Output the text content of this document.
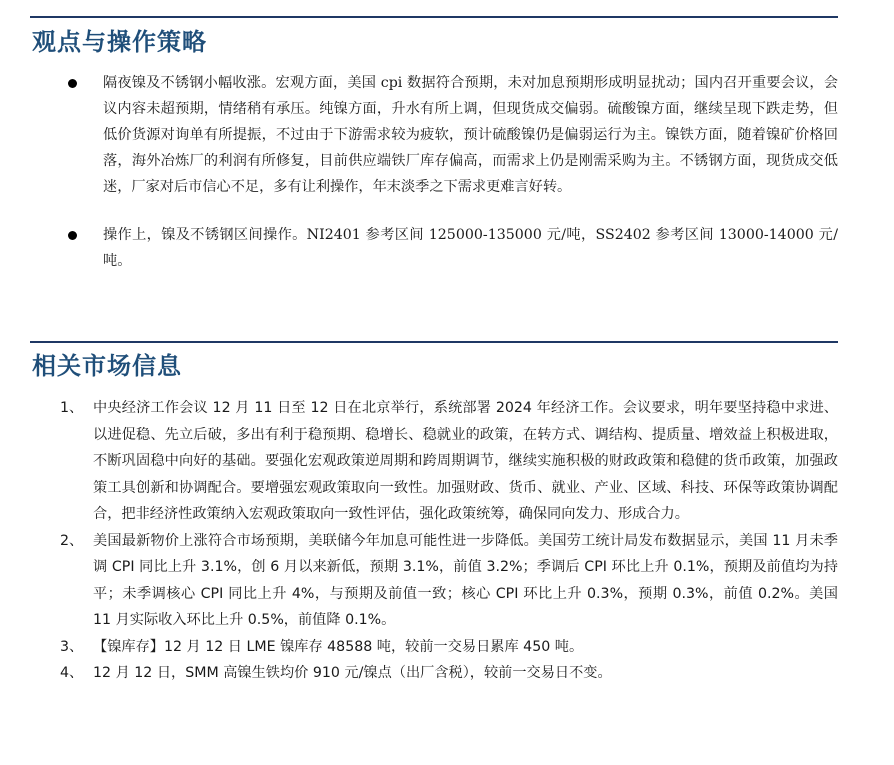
观点与操作策略

隔夜镍及不锈钢小幅收涨。宏观方面，美国 cpi 数据符合预期，未对加息预期形成明显扰动；国内召开重要会议，会议内容未超预期，情绪稍有承压。纯镍方面，升水有所上调，但现货成交偏弱。硫酸镍方面，继续呈现下跌走势，但低价货源对询单有所提振，不过由于下游需求较为疲软，预计硫酸镍仍是偏弱运行为主。镍铁方面，随着镍矿价格回落，海外冶炼厂的利润有所修复，目前供应端铁厂库存偏高，而需求上仍是刚需采购为主。不锈钢方面，现货成交低迷，厂家对后市信心不足，多有让利操作，年末淡季之下需求更难言好转。

操作上，镍及不锈钢区间操作。NI2401 参考区间 125000-135000 元/吨，SS2402 参考区间 13000-14000 元/吨。

相关市场信息
1、 中央经济工作会议 12 月 11 日至 12 日在北京举行，系统部署 2024 年经济工作。会议要求，明年要坚持稳中求进、以进促稳、先立后破，多出有利于稳预期、稳增长、稳就业的政策，在转方式、调结构、提质量、增效益上积极进取，不断巩固稳中向好的基础。要强化宏观政策逆周期和跨周期调节，继续实施积极的财政政策和稳健的货币政策，加强政策工具创新和协调配合。要增强宏观政策取向一致性。加强财政、货币、就业、产业、区域、科技、环保等政策协调配合，把非经济性政策纳入宏观政策取向一致性评估，强化政策统筹，确保同向发力、形成合力。

2、 美国最新物价上涨符合市场预期，美联储今年加息可能性进一步降低。美国劳工统计局发布数据显示，美国 11 月未季调 CPI 同比上升 3.1%，创 6 月以来新低，预期 3.1%，前值 3.2%；季调后 CPI 环比上升 0.1%，预期及前值均为持平；未季调核心 CPI 同比上升 4%，与预期及前值一致；核心 CPI 环比上升 0.3%，预期 0.3%，前值 0.2%。美国 11 月实际收入环比上升 0.5%，前值降 0.1%。

3、 【镍库存】12 月 12 日 LME 镍库存 48588 吨，较前一交易日累库 450 吨。

4、 12 月 12 日，SMM 高镍生铁均价 910 元/镍点（出厂含税），较前一交易日不变。
